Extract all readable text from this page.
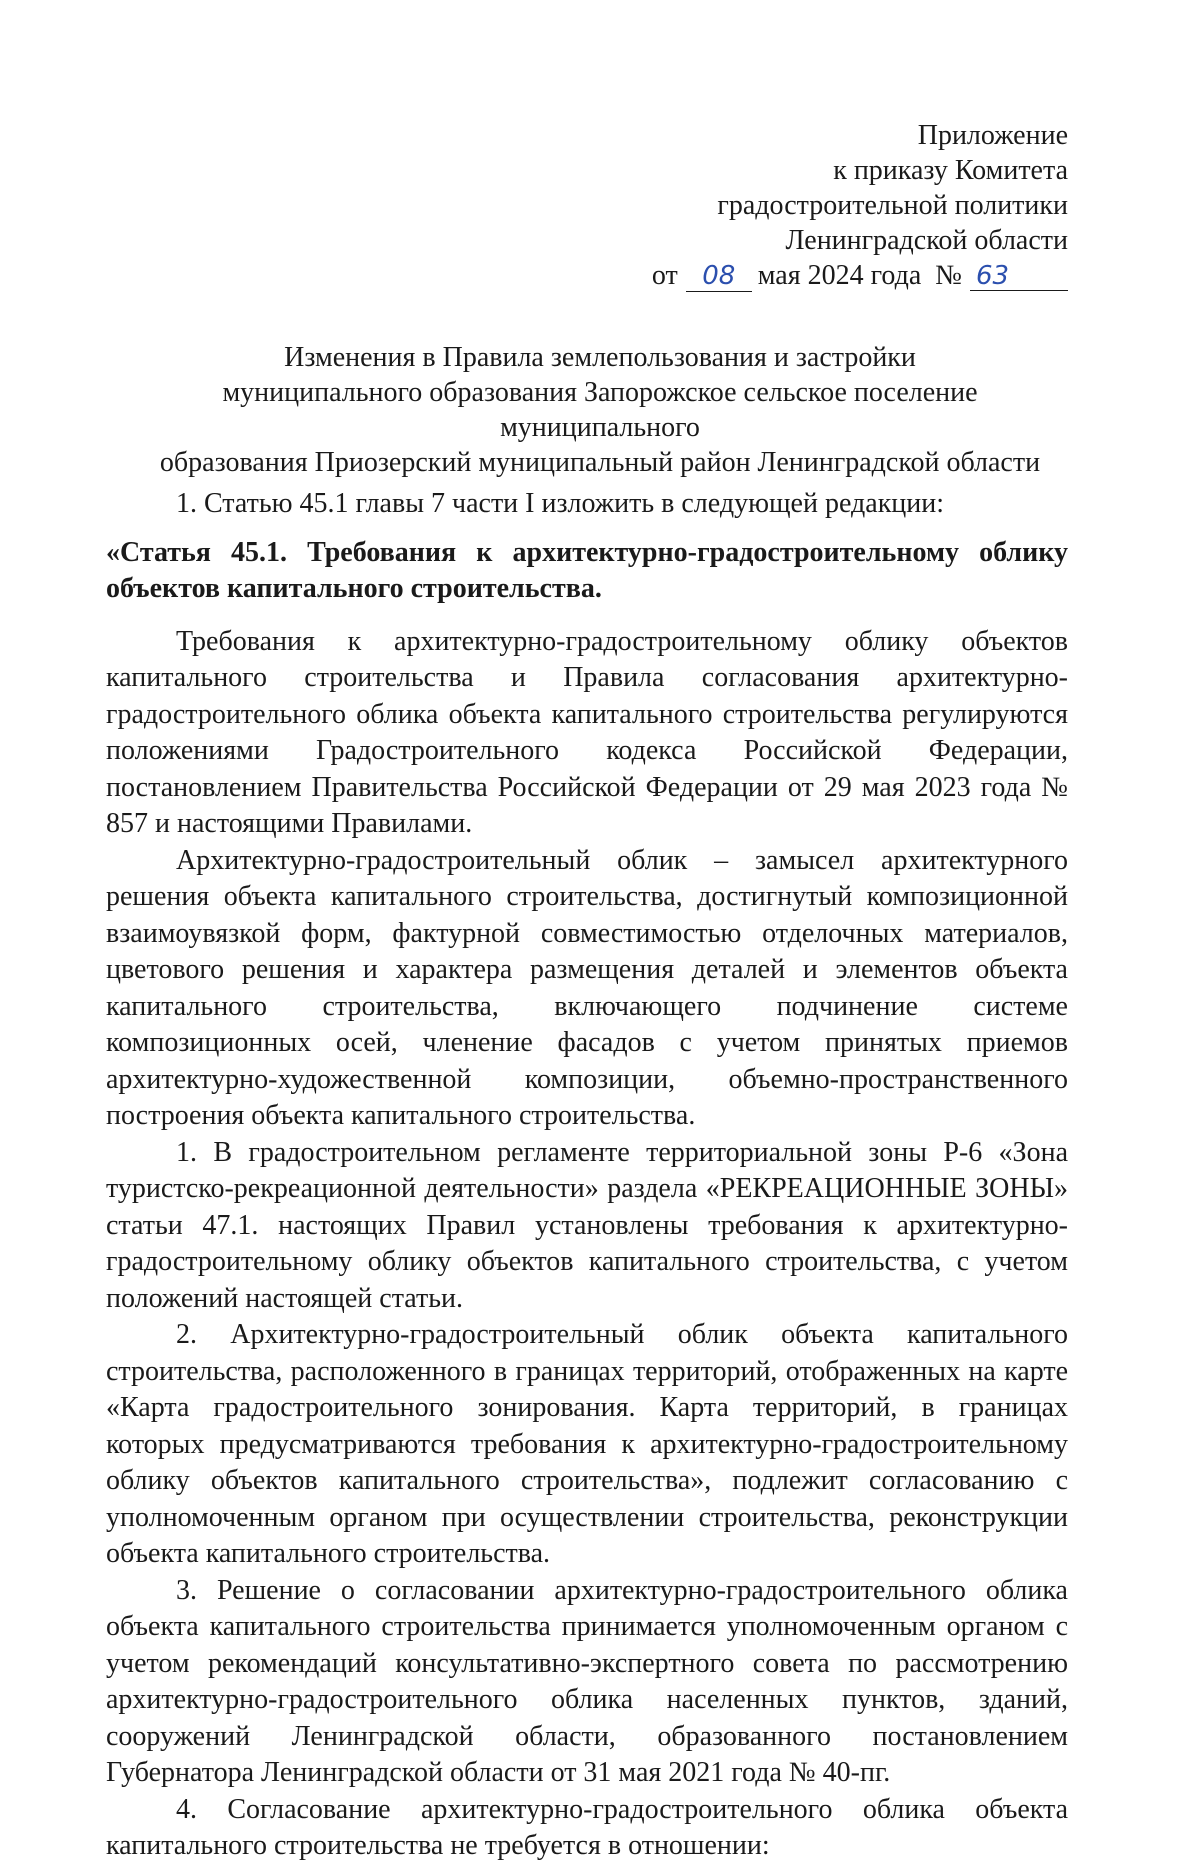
Приложение
к приказу Комитета
градостроительной политики
Ленинградской области
от 08 мая 2024 года № 63
Изменения в Правила землепользования и застройки
муниципального образования Запорожское сельское поселение муниципального
образования Приозерский муниципальный район Ленинградской области

1. Статью 45.1 главы 7 части I изложить в следующей редакции:

«Статья 45.1. Требования к архитектурно-градостроительному облику объектов капитального строительства.

Требования к архитектурно-градостроительному облику объектов капитального строительства и Правила согласования архитектурно-градостроительного облика объекта капитального строительства регулируются положениями Градостроительного кодекса Российской Федерации, постановлением Правительства Российской Федерации от 29 мая 2023 года № 857 и настоящими Правилами.

Архитектурно-градостроительный облик – замысел архитектурного решения объекта капитального строительства, достигнутый композиционной взаимоувязкой форм, фактурной совместимостью отделочных материалов, цветового решения и характера размещения деталей и элементов объекта капитального строительства, включающего подчинение системе композиционных осей, членение фасадов с учетом принятых приемов архитектурно-художественной композиции, объемно-пространственного построения объекта капитального строительства.

1. В градостроительном регламенте территориальной зоны Р-6 «Зона туристско-рекреационной деятельности» раздела «РЕКРЕАЦИОННЫЕ ЗОНЫ» статьи 47.1. настоящих Правил установлены требования к архитектурно-градостроительному облику объектов капитального строительства, с учетом положений настоящей статьи.

2. Архитектурно-градостроительный облик объекта капитального строительства, расположенного в границах территорий, отображенных на карте «Карта градостроительного зонирования. Карта территорий, в границах которых предусматриваются требования к архитектурно-градостроительному облику объектов капитального строительства», подлежит согласованию с уполномоченным органом при осуществлении строительства, реконструкции объекта капитального строительства.

3. Решение о согласовании архитектурно-градостроительного облика объекта капитального строительства принимается уполномоченным органом с учетом рекомендаций консультативно-экспертного совета по рассмотрению архитектурно-градостроительного облика населенных пунктов, зданий, сооружений Ленинградской области, образованного постановлением Губернатора Ленинградской области от 31 мая 2021 года № 40-пг.

4. Согласование архитектурно-градостроительного облика объекта капитального строительства не требуется в отношении:
